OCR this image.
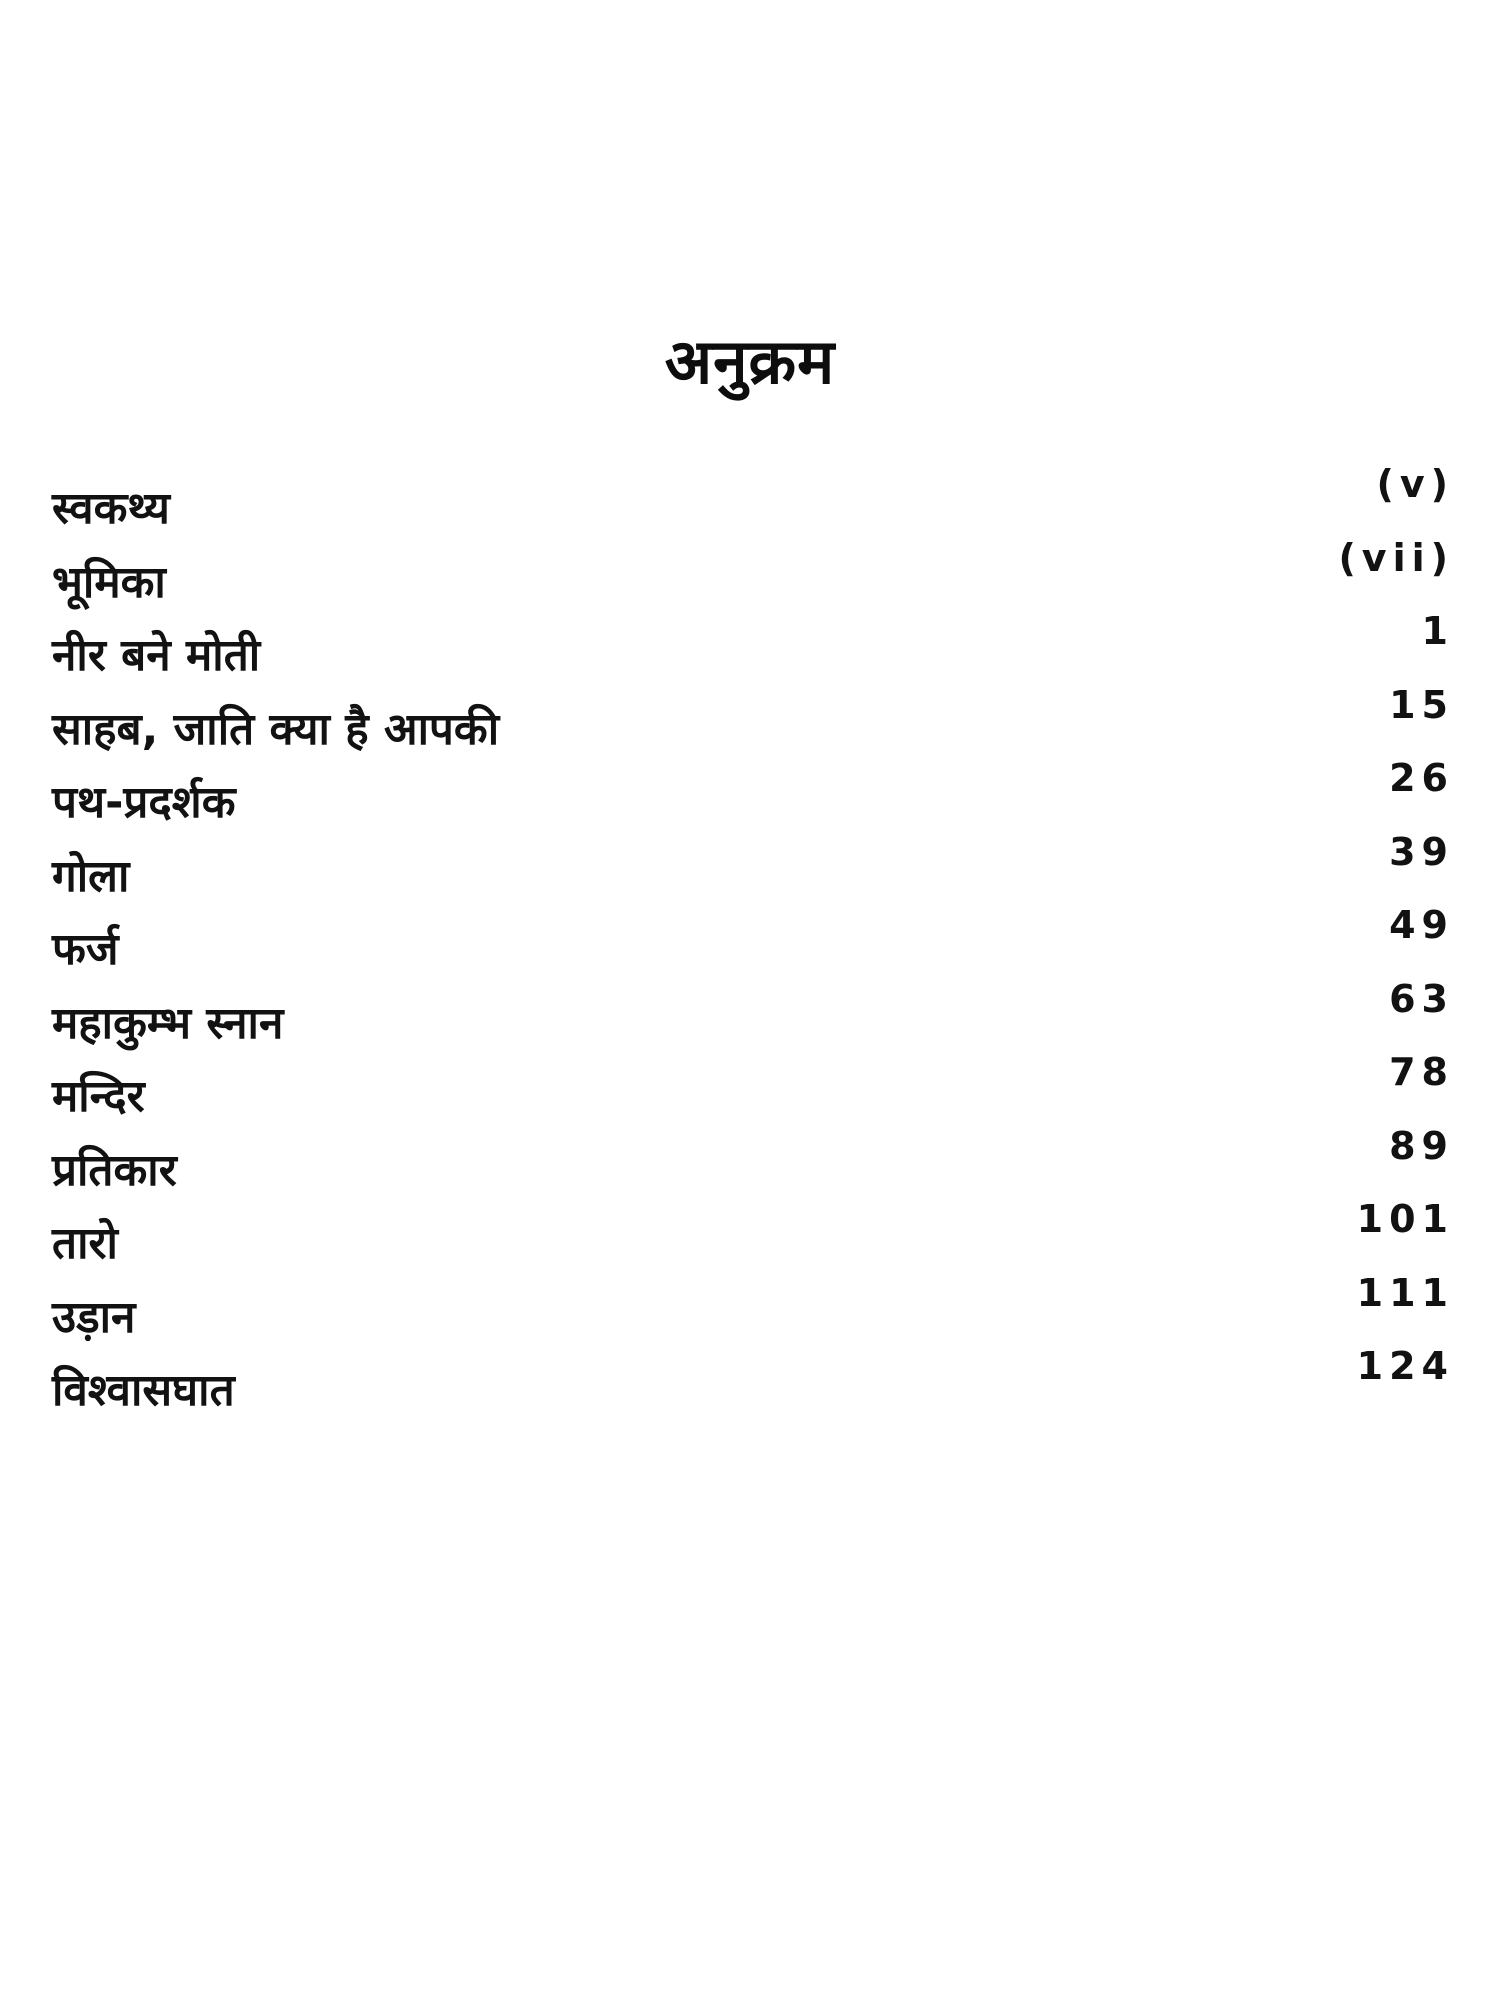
अनुक्रम
स्वकथ्य	(v)
भूमिका	(vii)
नीर बने मोती	1
साहब, जाति क्या है आपकी	15
पथ-प्रदर्शक	26
गोला	39
फर्ज	49
महाकुम्भ स्नान	63
मन्दिर	78
प्रतिकार	89
तारो	101
उड़ान	111
विश्वासघात	124
